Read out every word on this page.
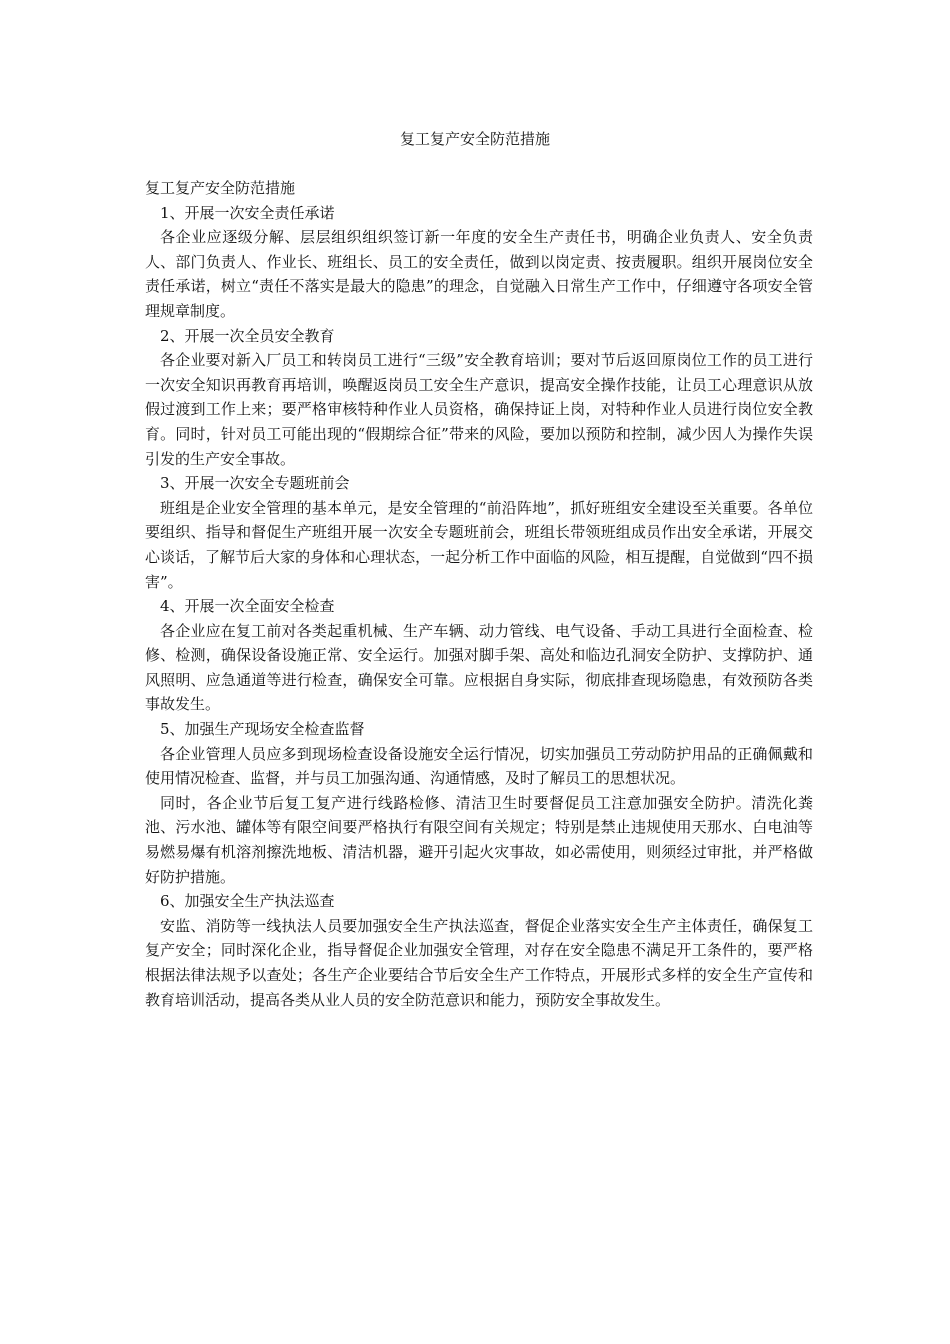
复工复产安全防范措施

复工复产安全防范措施

1、开展一次安全责任承诺

各企业应逐级分解、层层组织组织签订新一年度的安全生产责任书，明确企业负责人、安全负责人、部门负责人、作业长、班组长、员工的安全责任，做到以岗定责、按责履职。组织开展岗位安全责任承诺，树立“责任不落实是最大的隐患”的理念，自觉融入日常生产工作中，仔细遵守各项安全管理规章制度。

2、开展一次全员安全教育

各企业要对新入厂员工和转岗员工进行“三级”安全教育培训；要对节后返回原岗位工作的员工进行一次安全知识再教育再培训，唤醒返岗员工安全生产意识，提高安全操作技能，让员工心理意识从放假过渡到工作上来；要严格审核特种作业人员资格，确保持证上岗，对特种作业人员进行岗位安全教育。同时，针对员工可能出现的“假期综合征”带来的风险，要加以预防和控制，减少因人为操作失误引发的生产安全事故。

3、开展一次安全专题班前会

班组是企业安全管理的基本单元，是安全管理的“前沿阵地”，抓好班组安全建设至关重要。各单位要组织、指导和督促生产班组开展一次安全专题班前会，班组长带领班组成员作出安全承诺，开展交心谈话，了解节后大家的身体和心理状态，一起分析工作中面临的风险，相互提醒，自觉做到“四不损害”。

4、开展一次全面安全检查

各企业应在复工前对各类起重机械、生产车辆、动力管线、电气设备、手动工具进行全面检查、检修、检测，确保设备设施正常、安全运行。加强对脚手架、高处和临边孔洞安全防护、支撑防护、通风照明、应急通道等进行检查，确保安全可靠。应根据自身实际，彻底排查现场隐患，有效预防各类事故发生。

5、加强生产现场安全检查监督

各企业管理人员应多到现场检查设备设施安全运行情况，切实加强员工劳动防护用品的正确佩戴和使用情况检查、监督，并与员工加强沟通、沟通情感，及时了解员工的思想状况。

同时，各企业节后复工复产进行线路检修、清洁卫生时要督促员工注意加强安全防护。清洗化粪池、污水池、罐体等有限空间要严格执行有限空间有关规定；特别是禁止违规使用天那水、白电油等易燃易爆有机溶剂擦洗地板、清洁机器，避开引起火灾事故，如必需使用，则须经过审批，并严格做好防护措施。

6、加强安全生产执法巡查

安监、消防等一线执法人员要加强安全生产执法巡查，督促企业落实安全生产主体责任，确保复工复产安全；同时深化企业，指导督促企业加强安全管理，对存在安全隐患不满足开工条件的，要严格根据法律法规予以查处；各生产企业要结合节后安全生产工作特点，开展形式多样的安全生产宣传和教育培训活动，提高各类从业人员的安全防范意识和能力，预防安全事故发生。
